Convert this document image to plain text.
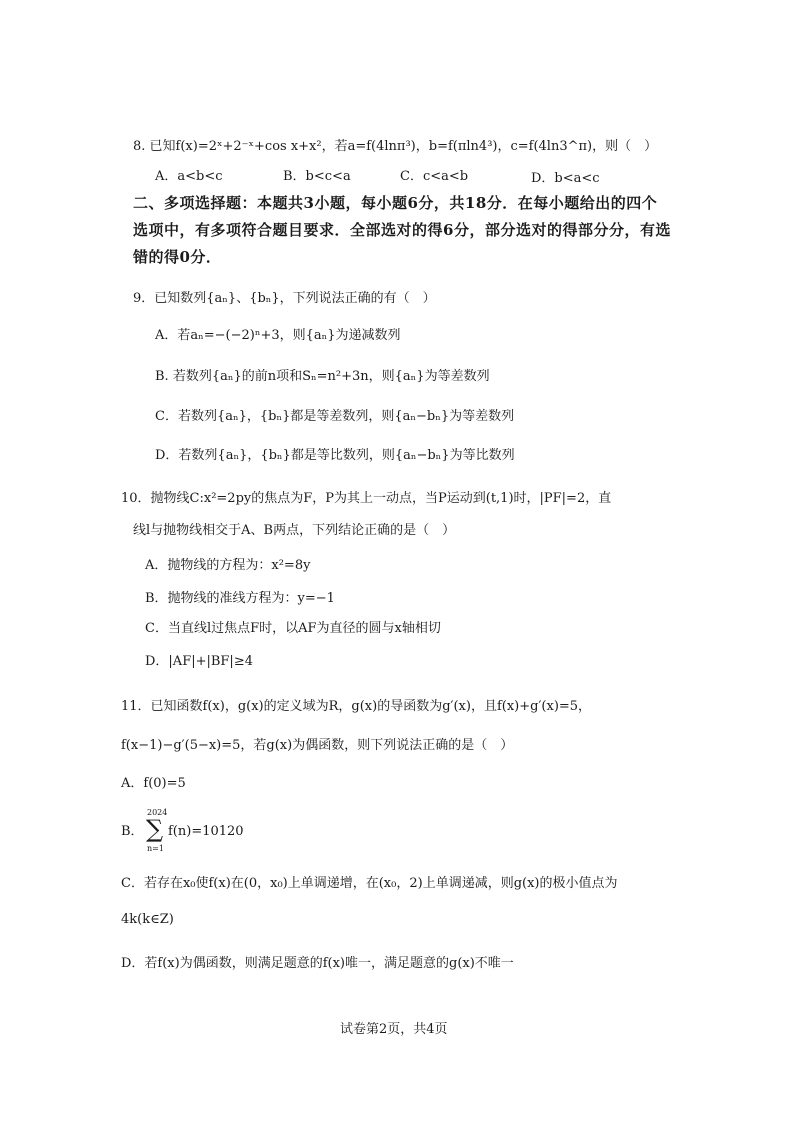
8. 已知f(x)=2ˣ+2⁻ˣ+cos x+x²，若a=f(4lnπ³)，b=f(πln4³)，c=f(4ln3^π)，则（　）
A．a<b<c	B．b<c<a	C．c<a<b	D．b<a<c
二、多项选择题：本题共3小题，每小题6分，共18分．在每小题给出的四个
选项中，有多项符合题目要求．全部选对的得6分，部分选对的得部分分，有选
错的得0分．
9．已知数列{aₙ}、{bₙ}，下列说法正确的有（　）
A．若aₙ=−(−2)ⁿ+3，则{aₙ}为递减数列
B. 若数列{aₙ}的前n项和Sₙ=n²+3n，则{aₙ}为等差数列
C．若数列{aₙ}，{bₙ}都是等差数列，则{aₙ−bₙ}为等差数列
D．若数列{aₙ}，{bₙ}都是等比数列，则{aₙ−bₙ}为等比数列
10．抛物线C:x²=2py的焦点为F，P为其上一动点，当P运动到(t,1)时，|PF|=2，直
线l与抛物线相交于A、B两点，下列结论正确的是（　）
A．抛物线的方程为：x²=8y
B．抛物线的准线方程为：y=−1
C．当直线l过焦点F时，以AF为直径的圆与x轴相切
D．|AF|+|BF|≥4
11．已知函数f(x)，g(x)的定义域为R，g(x)的导函数为g′(x)，且f(x)+g′(x)=5，
f(x−1)−g′(5−x)=5，若g(x)为偶函数，则下列说法正确的是（　）
A．f(0)=5
B．
2024
∑
n=1
f(n)=10120
C．若存在x₀使f(x)在(0，x₀)上单调递增，在(x₀，2)上单调递减，则g(x)的极小值点为
4k(k∈Z)
D．若f(x)为偶函数，则满足题意的f(x)唯一，满足题意的g(x)不唯一
试卷第2页，共4页
